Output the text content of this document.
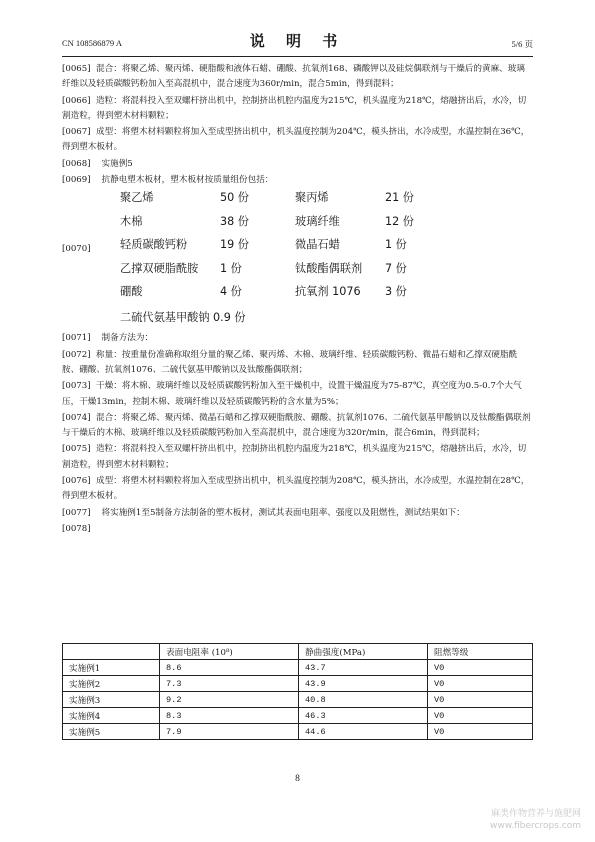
CN 108586879 A	说 明 书	5/6 页
[0065] 混合：将聚乙烯、聚丙烯、硬脂酸和液体石蜡、硼酸、抗氧剂168、磷酸钾以及硅烷偶联剂与干燥后的黄麻、玻璃纤维以及轻质碳酸钙粉加入至高混机中，混合速度为360r/min，混合5min，得到混料；
[0066] 造粒：将混料投入至双螺杆挤出机中，控制挤出机腔内温度为215℃，机头温度为218℃，熔融挤出后，水冷，切割造粒，得到塑木材料颗粒；
[0067] 成型：将塑木材料颗粒将加入至成型挤出机中，机头温度控制为204℃，模头挤出，水冷成型，水温控制在36℃，得到塑木板材。
[0068] 实施例5
[0069] 抗静电塑木板材，塑木板材按质量组份包括：
[0070]
聚乙烯	50 份	聚丙烯	21 份
木棉	38 份	玻璃纤维	12 份
轻质碳酸钙粉	19 份	微晶石蜡	1 份
乙撑双硬脂酰胺 1 份	钛酸酯偶联剂 7 份
硼酸	4 份	抗氧剂 1076 3 份
二硫代氨基甲酸钠 0.9 份
[0071] 制备方法为：
[0072] 称量：按重量份准确称取组分量的聚乙烯、聚丙烯、木棉、玻璃纤维、轻质碳酸钙粉、微晶石蜡和乙撑双硬脂酰胺、硼酸、抗氧剂1076、二硫代氨基甲酸钠以及钛酸酯偶联剂；
[0073] 干燥：将木棉、玻璃纤维以及轻质碳酸钙粉加入至干燥机中，设置干燥温度为75-87℃，真空度为0.5-0.7个大气压，干燥13min，控制木棉、玻璃纤维以及轻质碳酸钙粉的含水量为5%；
[0074] 混合：将聚乙烯、聚丙烯、微晶石蜡和乙撑双硬脂酰胺、硼酸、抗氧剂1076、二硫代氨基甲酸钠以及钛酸酯偶联剂与干燥后的木棉、玻璃纤维以及轻质碳酸钙粉加入至高混机中，混合速度为320r/min，混合6min，得到混料；
[0075] 造粒：将混料投入至双螺杆挤出机中，控制挤出机腔内温度为218℃，机头温度为215℃，熔融挤出后，水冷，切割造粒，得到塑木材料颗粒；
[0076] 成型：将塑木材料颗粒将加入至成型挤出机中，机头温度控制为208℃，模头挤出，水冷成型，水温控制在28℃，得到塑木板材。
[0077] 将实施例1至5制备方法制备的塑木板材，测试其表面电阻率、强度以及阻燃性，测试结果如下：
[0078]
	表面电阻率 (10⁸)	静曲强度(MPa)	阻燃等级
实施例1	8.6	43.7	V0
实施例2	7.3	43.9	V0
实施例3	9.2	40.8	V0
实施例4	8.3	46.3	V0
实施例5	7.9	44.6	V0
8
麻类作物营养与施肥网
www.fibercrops.com
